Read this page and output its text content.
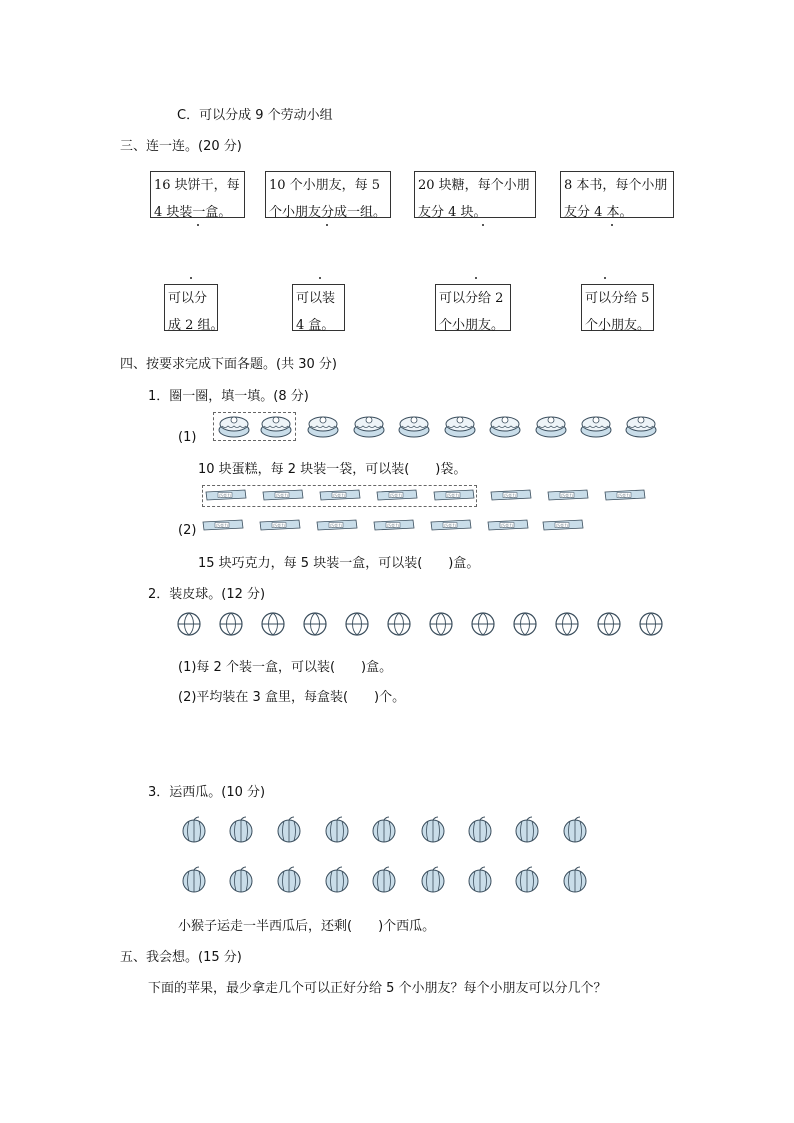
C．可以分成 9 个劳动小组
三、连一连。(20 分)
16 块饼干，每
4 块装一盒。
10 个小朋友，每 5
个小朋友分成一组。
20 块糖，每个小朋
友分 4 块。
8 本书，每个小朋
友分 4 本。
可以分
成 2 组。
可以装
4 盒。
可以分给 2
个小朋友。
可以分给 5
个小朋友。
四、按要求完成下面各题。(共 30 分)
1．圈一圈，填一填。(8 分)
(1)
10 块蛋糕，每 2 块装一袋，可以装(　　)袋。
巧克力	巧克力	巧克力	巧克力	巧克力	巧克力	巧克力	巧克力
巧克力	巧克力	巧克力	巧克力	巧克力	巧克力	巧克力
(2)
15 块巧克力，每 5 块装一盒，可以装(　　)盒。
2．装皮球。(12 分)
(1)每 2 个装一盒，可以装(　　)盒。
(2)平均装在 3 盒里，每盒装(　　)个。
3．运西瓜。(10 分)
小猴子运走一半西瓜后，还剩(　　)个西瓜。
五、我会想。(15 分)
下面的苹果，最少拿走几个可以正好分给 5 个小朋友？每个小朋友可以分几个？
